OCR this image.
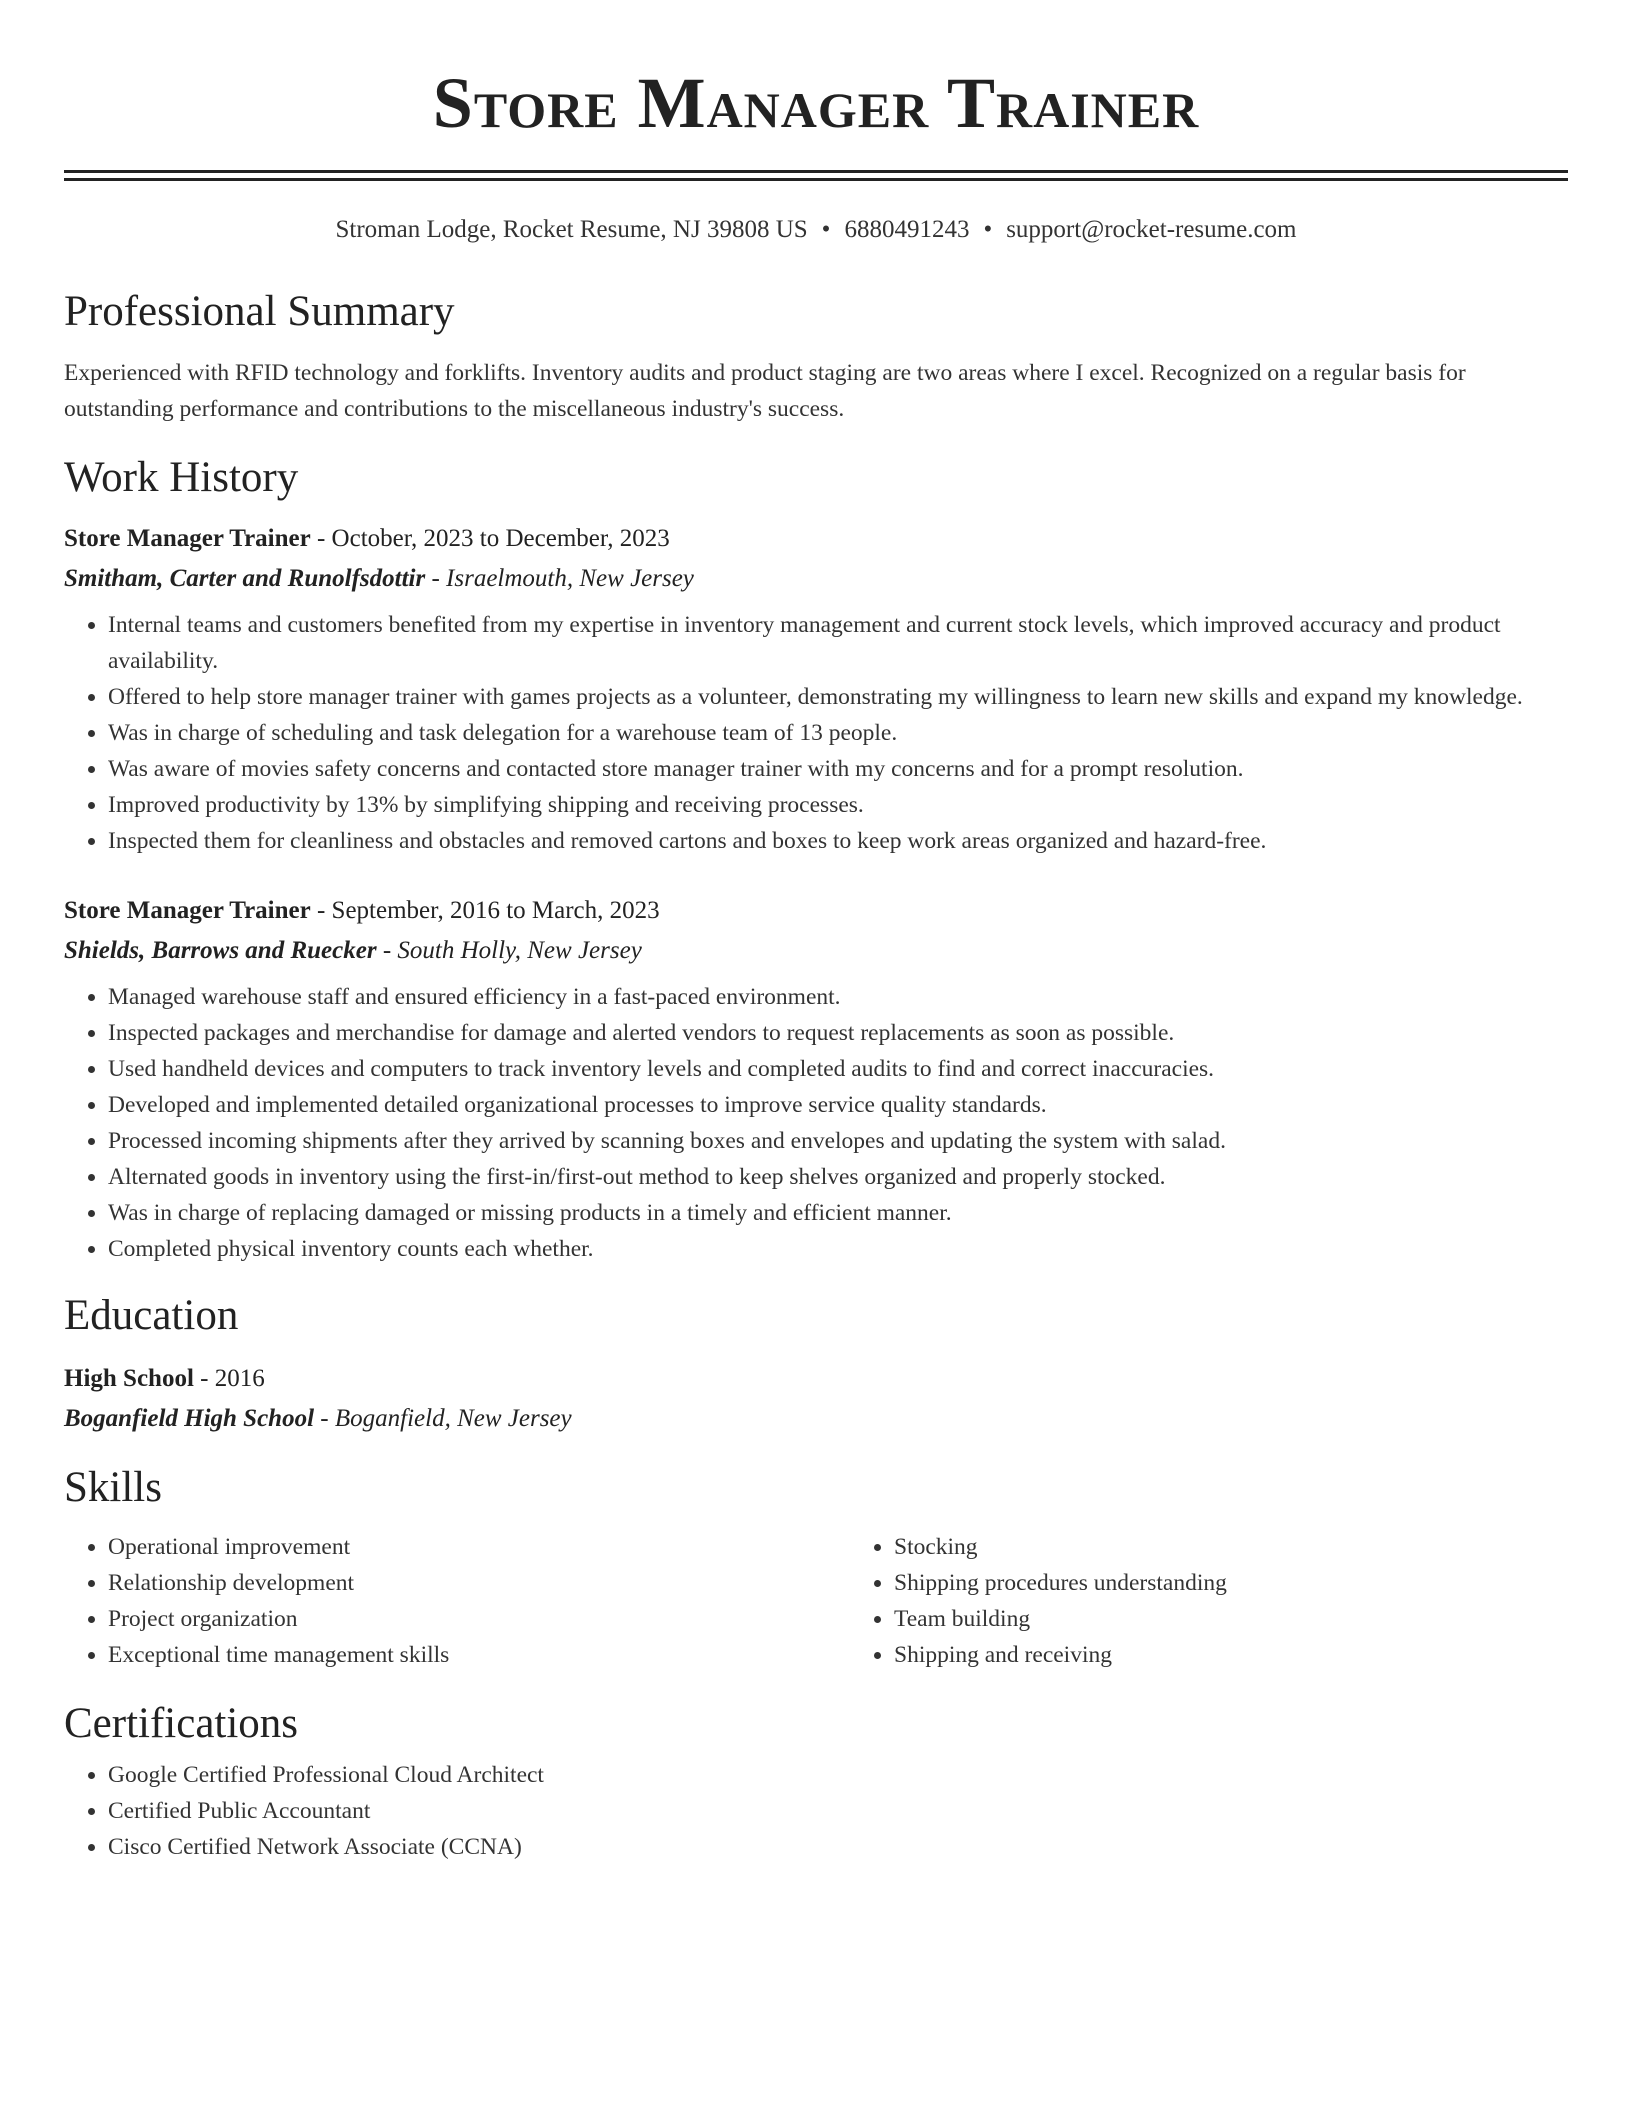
Store Manager Trainer
Stroman Lodge, Rocket Resume, NJ 39808 US • 6880491243 • support@rocket-resume.com
Professional Summary
Experienced with RFID technology and forklifts. Inventory audits and product staging are two areas where I excel. Recognized on a regular basis for outstanding performance and contributions to the miscellaneous industry's success.
Work History
Store Manager Trainer - October, 2023 to December, 2023
Smitham, Carter and Runolfsdottir - Israelmouth, New Jersey
• Internal teams and customers benefited from my expertise in inventory management and current stock levels, which improved accuracy and product availability.
• Offered to help store manager trainer with games projects as a volunteer, demonstrating my willingness to learn new skills and expand my knowledge.
• Was in charge of scheduling and task delegation for a warehouse team of 13 people.
• Was aware of movies safety concerns and contacted store manager trainer with my concerns and for a prompt resolution.
• Improved productivity by 13% by simplifying shipping and receiving processes.
• Inspected them for cleanliness and obstacles and removed cartons and boxes to keep work areas organized and hazard-free.
Store Manager Trainer - September, 2016 to March, 2023
Shields, Barrows and Ruecker - South Holly, New Jersey
• Managed warehouse staff and ensured efficiency in a fast-paced environment.
• Inspected packages and merchandise for damage and alerted vendors to request replacements as soon as possible.
• Used handheld devices and computers to track inventory levels and completed audits to find and correct inaccuracies.
• Developed and implemented detailed organizational processes to improve service quality standards.
• Processed incoming shipments after they arrived by scanning boxes and envelopes and updating the system with salad.
• Alternated goods in inventory using the first-in/first-out method to keep shelves organized and properly stocked.
• Was in charge of replacing damaged or missing products in a timely and efficient manner.
• Completed physical inventory counts each whether.
Education
High School - 2016
Boganfield High School - Boganfield, New Jersey
Skills
• Operational improvement
• Relationship development
• Project organization
• Exceptional time management skills
• Stocking
• Shipping procedures understanding
• Team building
• Shipping and receiving
Certifications
• Google Certified Professional Cloud Architect
• Certified Public Accountant
• Cisco Certified Network Associate (CCNA)
